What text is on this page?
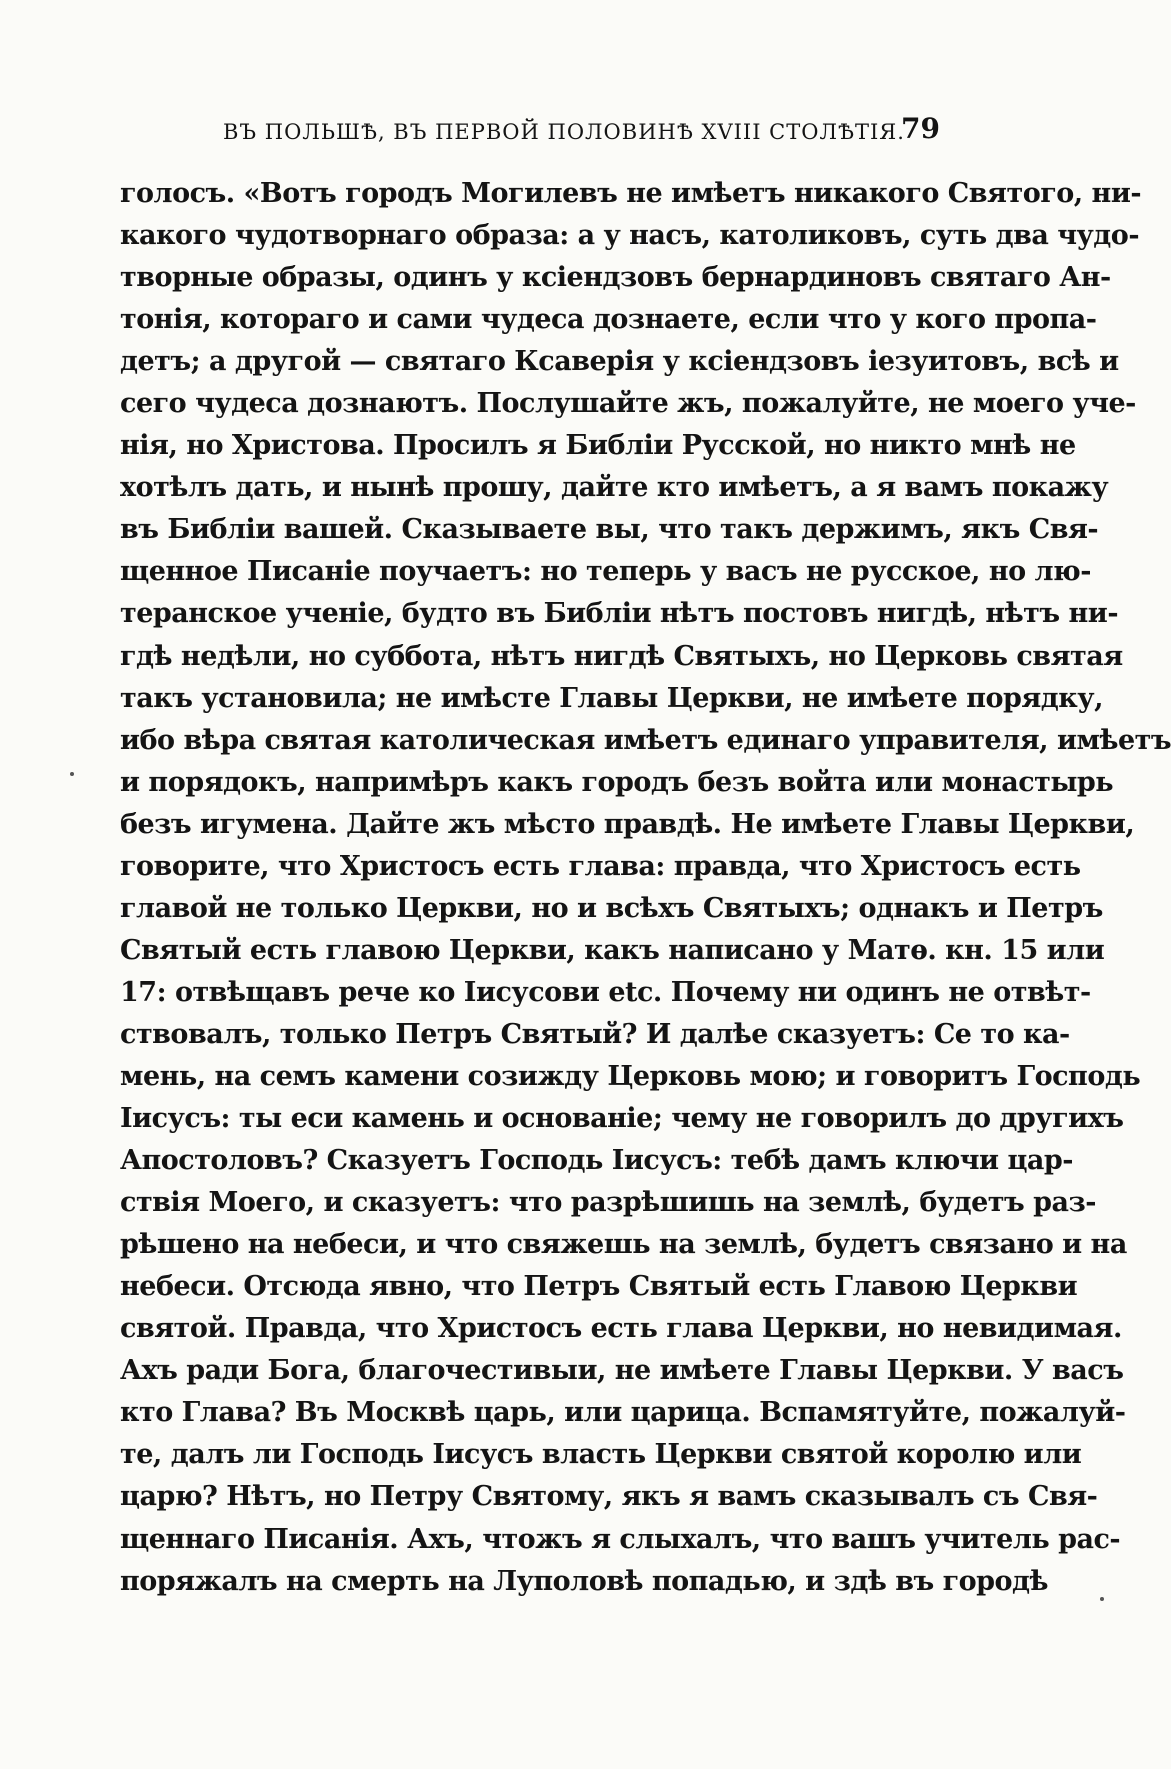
ВЪ ПОЛЬШѢ, ВЪ ПЕРВОЙ ПОЛОВИНѢ XVIII СТОЛѢТІЯ.
79
голосъ. «Вотъ городъ Могилевъ не имѣетъ никакого Святого, ни-
какого чудотворнаго образа: а у насъ, католиковъ, суть два чудо-
творные образы, одинъ у ксіендзовъ бернардиновъ святаго Ан-
тонія, котораго и сами чудеса дознаете, если что у кого пропа-
детъ; а другой — святаго Ксаверія у ксіендзовъ іезуитовъ, всѣ и
сего чудеса дознаютъ. Послушайте жъ, пожалуйте, не моего уче-
нія, но Христова. Просилъ я Библіи Русской, но никто мнѣ не
хотѣлъ дать, и нынѣ прошу, дайте кто имѣетъ, а я вамъ покажу
въ Библіи вашей. Сказываете вы, что такъ держимъ, якъ Свя-
щенное Писаніе поучаетъ: но теперь у васъ не русское, но лю-
теранское ученіе, будто въ Библіи нѣтъ постовъ нигдѣ, нѣтъ ни-
гдѣ недѣли, но суббота, нѣтъ нигдѣ Святыхъ, но Церковь святая
такъ установила; не имѣсте Главы Церкви, не имѣете порядку,
ибо вѣра святая католическая имѣетъ единаго управителя, имѣетъ
и порядокъ, напримѣръ какъ городъ безъ войта или монастырь
безъ игумена. Дайте жъ мѣсто правдѣ. Не имѣете Главы Церкви,
говорите, что Христосъ есть глава: правда, что Христосъ есть
главой не только Церкви, но и всѣхъ Святыхъ; однакъ и Петръ
Святый есть главою Церкви, какъ написано у Матѳ. кн. 15 или
17: отвѣщавъ рече ко Іисусови etc. Почему ни одинъ не отвѣт-
ствовалъ, только Петръ Святый? И далѣе сказуетъ: Се то ка-
мень, на семъ камени созижду Церковь мою; и говоритъ Господь
Іисусъ: ты еси камень и основаніе; чему не говорилъ до другихъ
Апостоловъ? Сказуетъ Господь Іисусъ: тебѣ дамъ ключи цар-
ствія Моего, и сказуетъ: что разрѣшишь на землѣ, будетъ раз-
рѣшено на небеси, и что свяжешь на землѣ, будетъ связано и на
небеси. Отсюда явно, что Петръ Святый есть Главою Церкви
святой. Правда, что Христосъ есть глава Церкви, но невидимая.
Ахъ ради Бога, благочестивыи, не имѣете Главы Церкви. У васъ
кто Глава? Въ Москвѣ царь, или царица. Вспамятуйте, пожалуй-
те, далъ ли Господь Іисусъ власть Церкви святой королю или
царю? Нѣтъ, но Петру Святому, якъ я вамъ сказывалъ съ Свя-
щеннаго Писанія. Ахъ, чтожъ я слыхалъ, что вашъ учитель рас-
поряжалъ на смерть на Луполовѣ попадью, и здѣ въ городѣ
